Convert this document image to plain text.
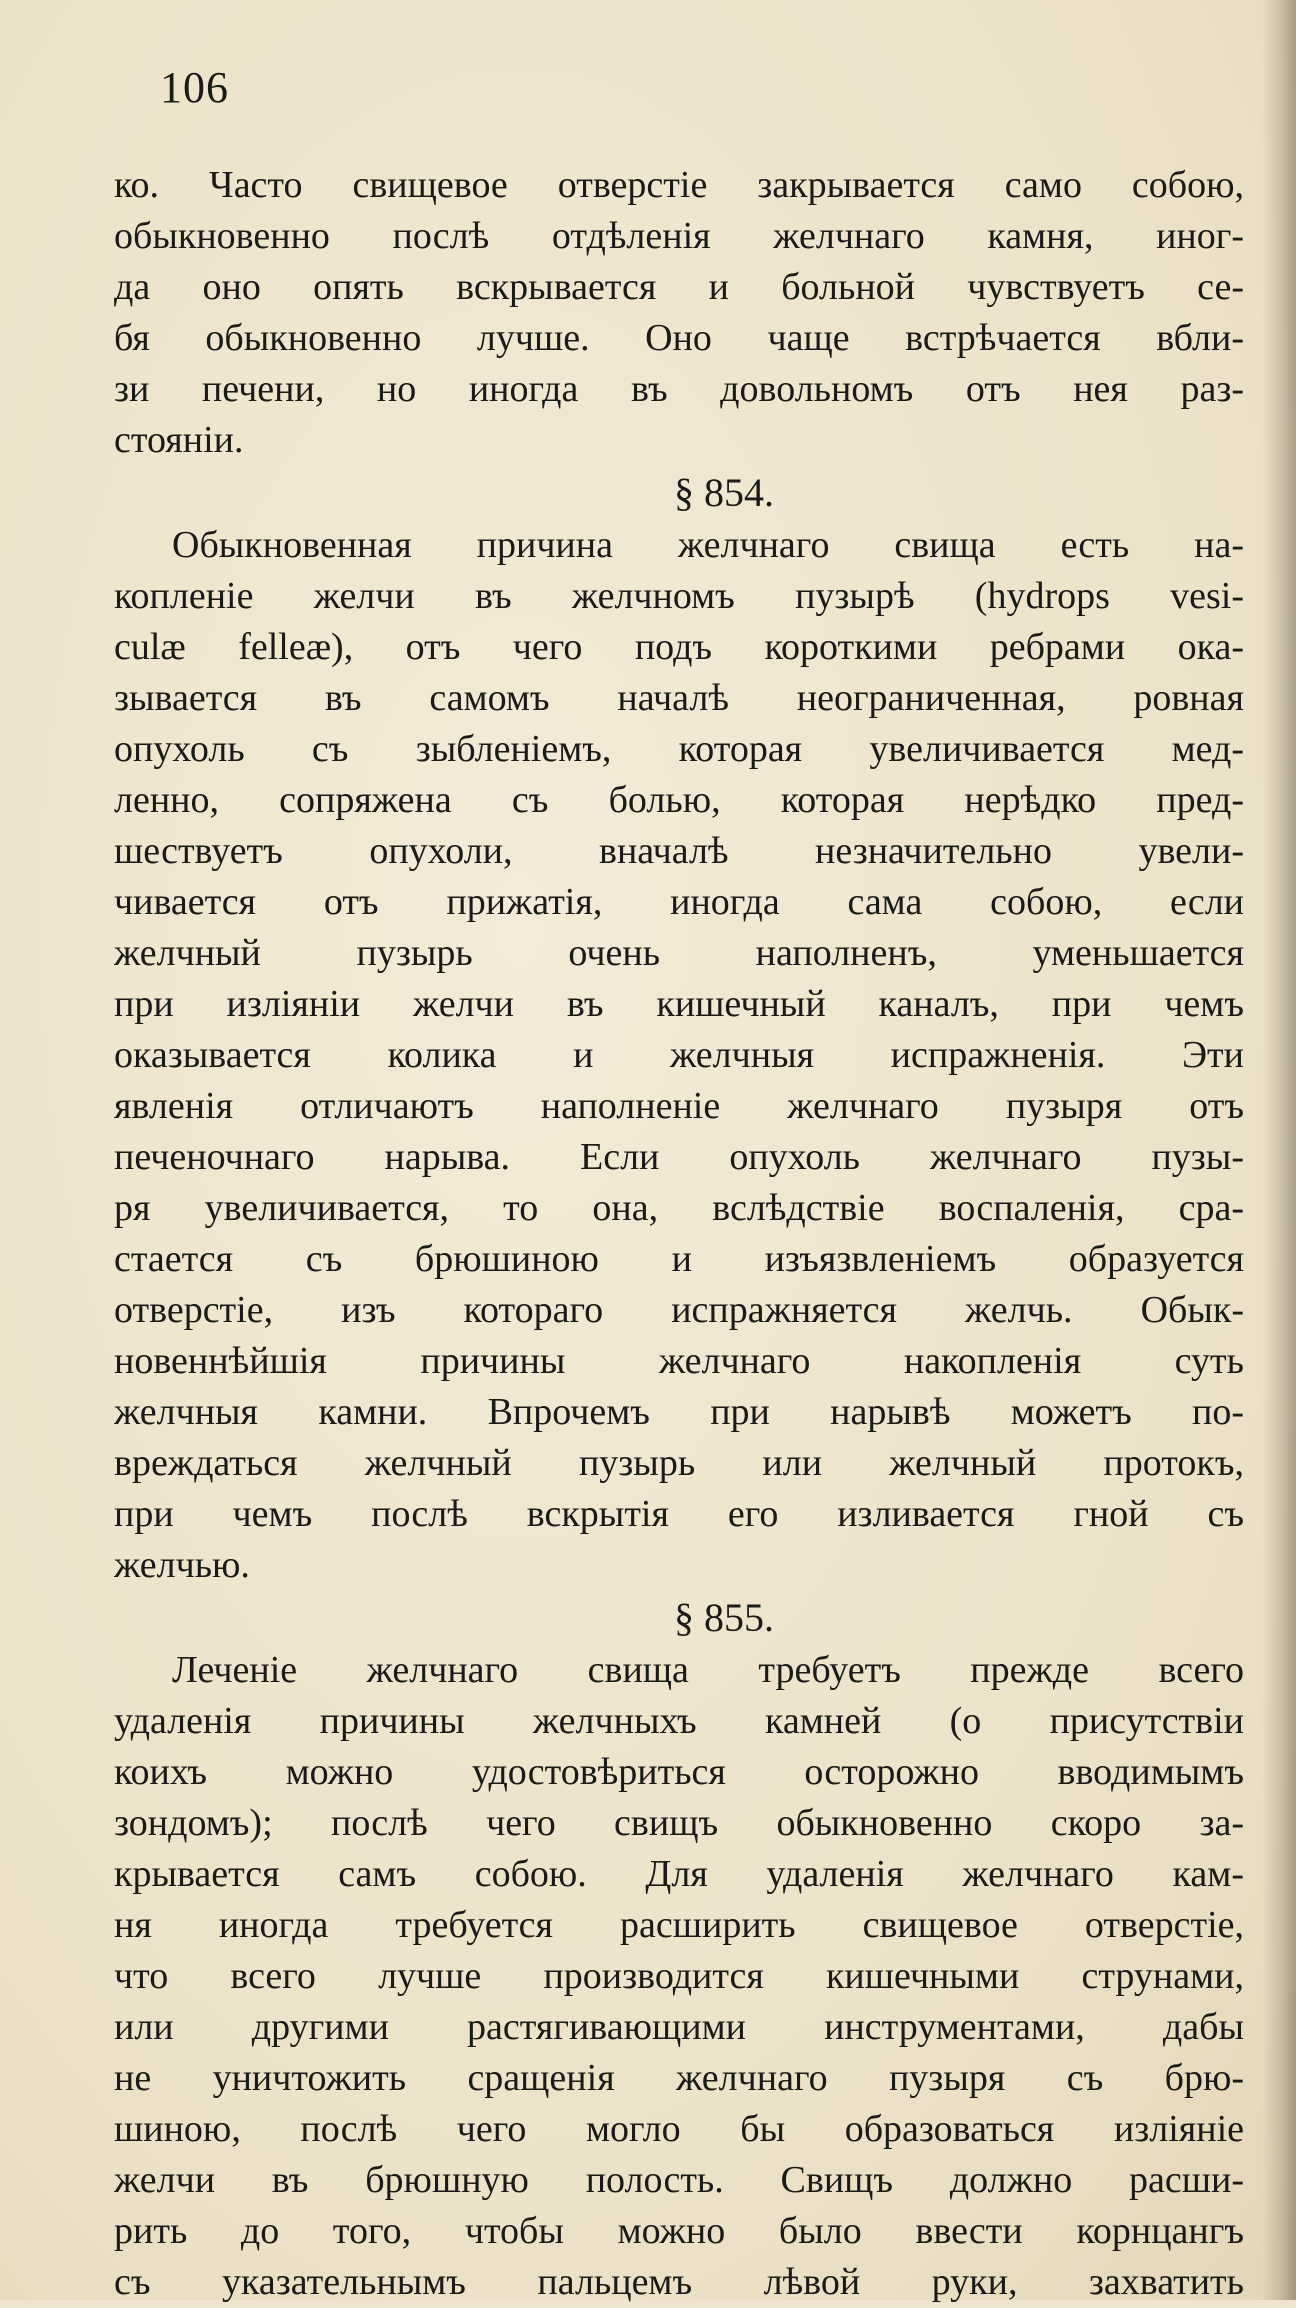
106
ко. Часто свищевое отверстіе закрывается само собою,
обыкновенно послѣ отдѣленія желчнаго камня, иног-
да оно опять вскрывается и больной чувствуетъ се-
бя обыкновенно лучше. Оно чаще встрѣчается вбли-
зи печени, но иногда въ довольномъ отъ нея раз-
стояніи.
§ 854.
Обыкновенная причина желчнаго свища есть на-
копленіе желчи въ желчномъ пузырѣ (hydrops vesi-
culæ felleæ), отъ чего подъ короткими ребрами ока-
зывается въ самомъ началѣ неограниченная, ровная
опухоль съ зыбленіемъ, которая увеличивается мед-
ленно, сопряжена съ болью, которая нерѣдко пред-
шествуетъ опухоли, вначалѣ незначительно увели-
чивается отъ прижатія, иногда сама собою, если
желчный пузырь очень наполненъ, уменьшается
при изліяніи желчи въ кишечный каналъ, при чемъ
оказывается колика и желчныя испражненія. Эти
явленія отличаютъ наполненіе желчнаго пузыря отъ
печеночнаго нарыва. Если опухоль желчнаго пузы-
ря увеличивается, то она, вслѣдствіе воспаленія, сра-
стается съ брюшиною и изъязвленіемъ образуется
отверстіе, изъ котораго испражняется желчь. Обык-
новеннѣйшія причины желчнаго накопленія суть
желчныя камни. Впрочемъ при нарывѣ можетъ по-
вреждаться желчный пузырь или желчный протокъ,
при чемъ послѣ вскрытія его изливается гной съ
желчью.
§ 855.
Леченіе желчнаго свища требуетъ прежде всего
удаленія причины желчныхъ камней (о присутствіи
коихъ можно удостовѣриться осторожно вводимымъ
зондомъ); послѣ чего свищъ обыкновенно скоро за-
крывается самъ собою. Для удаленія желчнаго кам-
ня иногда требуется расширить свищевое отверстіе,
что всего лучше производится кишечными струнами,
или другими растягивающими инструментами, дабы
не уничтожить сращенія желчнаго пузыря съ брю-
шиною, послѣ чего могло бы образоваться изліяніе
желчи въ брюшную полость. Свищъ должно расши-
рить до того, чтобы можно было ввести корнцангъ
съ указательнымъ пальцемъ лѣвой руки, захватить
